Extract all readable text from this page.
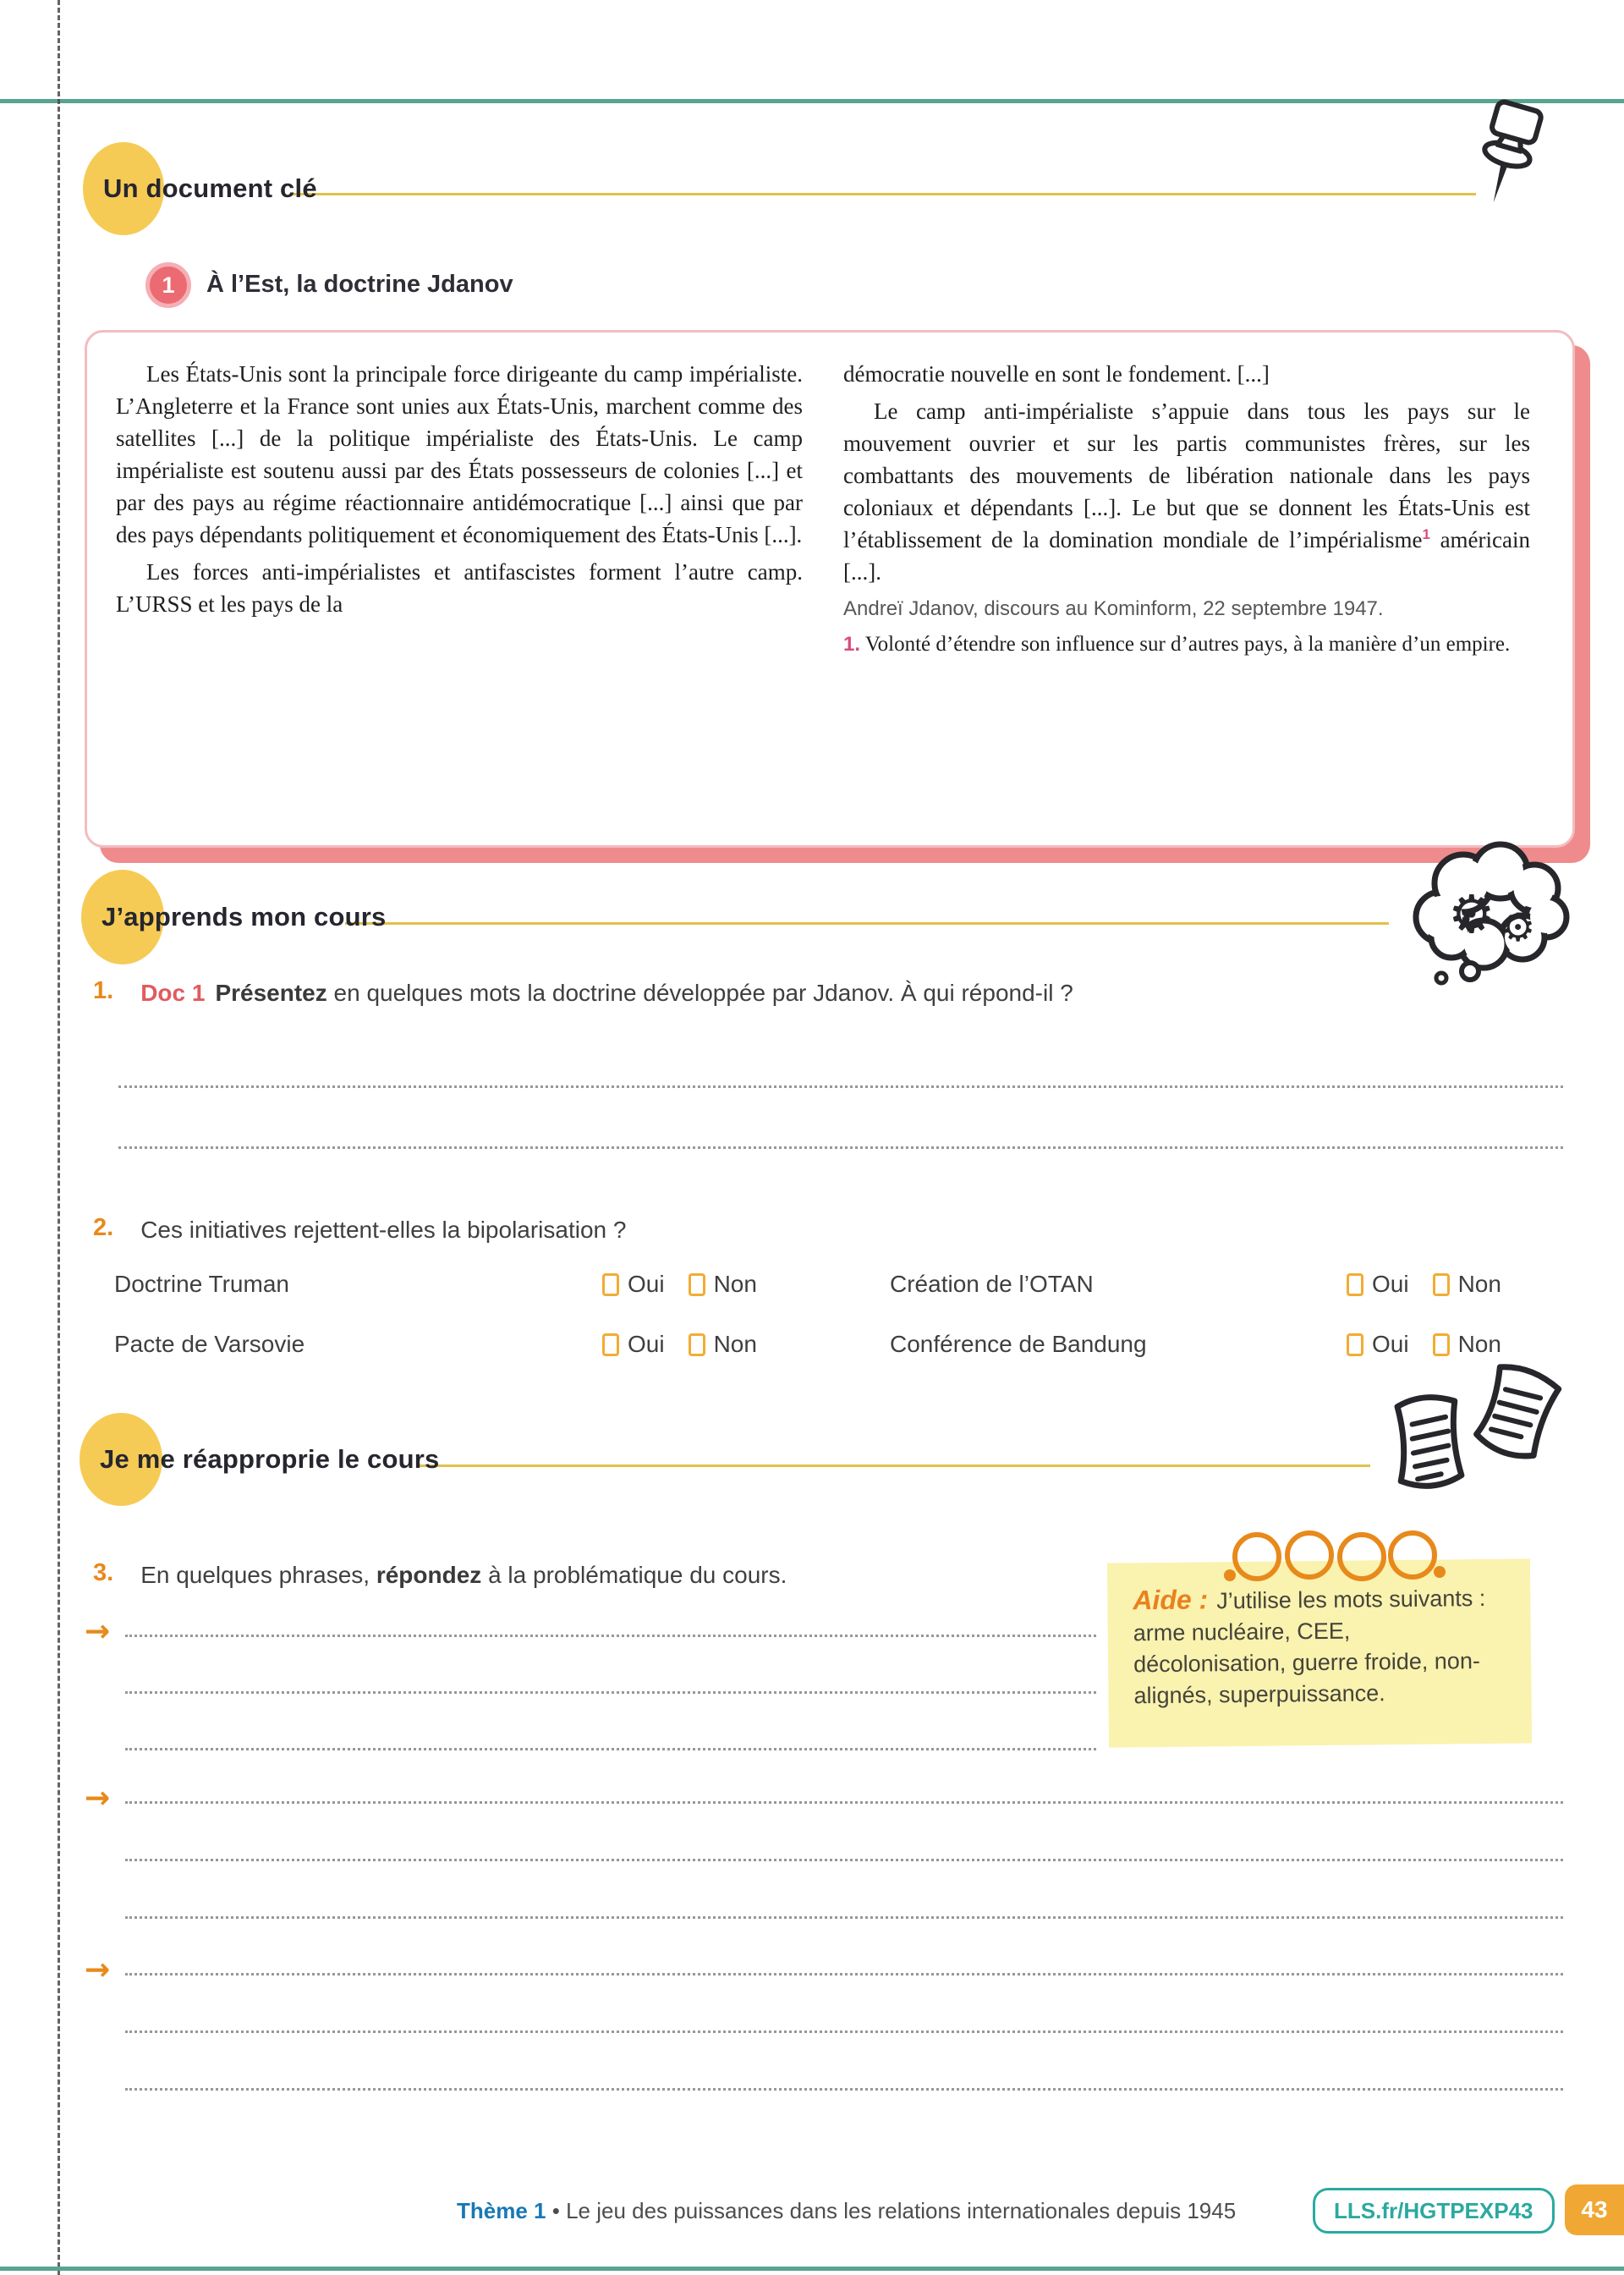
Un document clé
1	À l’Est, la doctrine Jdanov

Les États-Unis sont la principale force dirigeante du camp impérialiste. L’Angleterre et la France sont unies aux États-Unis, marchent comme des satellites [...] de la politique impérialiste des États-Unis. Le camp impérialiste est soutenu aussi par des États possesseurs de colonies [...] et par des pays au régime réactionnaire antidémocratique [...] ainsi que par des pays dépendants politiquement et économiquement des États-Unis [...].

Les forces anti-impérialistes et antifascistes forment l’autre camp. L’URSS et les pays de la

démocratie nouvelle en sont le fondement. [...]

Le camp anti-impérialiste s’appuie dans tous les pays sur le mouvement ouvrier et sur les partis communistes frères, sur les combattants des mouvements de libération nationale dans les pays coloniaux et dépendants [...]. Le but que se donnent les États-Unis est l’établissement de la domination mondiale de l’impérialisme$^1$ américain [...].

Andreï Jdanov, discours au Kominform, 22 septembre 1947.

1. Volonté d’étendre son influence sur d’autres pays, à la manière d’un empire.

J’apprends mon cours	⚙ ⚙
1.	Doc 1 Présentez en quelques mots la doctrine développée par Jdanov. À qui répond-il ?
2.	Ces initiatives rejettent-elles la bipolarisation ?
Doctrine Truman	Oui Non	Création de l’OTAN	Oui Non
Pacte de Varsovie	Oui Non	Conférence de Bandung	Oui Non
Je me réapproprie le cours
3.	En quelques phrases, répondez à la problématique du cours.
→
Aide : J’utilise les mots suivants : arme nucléaire, CEE, décolonisation, guerre froide, non-alignés, superpuissance.
→
→
Thème 1 • Le jeu des puissances dans les relations internationales depuis 1945	LLS.fr/HGTPEXP43	43
